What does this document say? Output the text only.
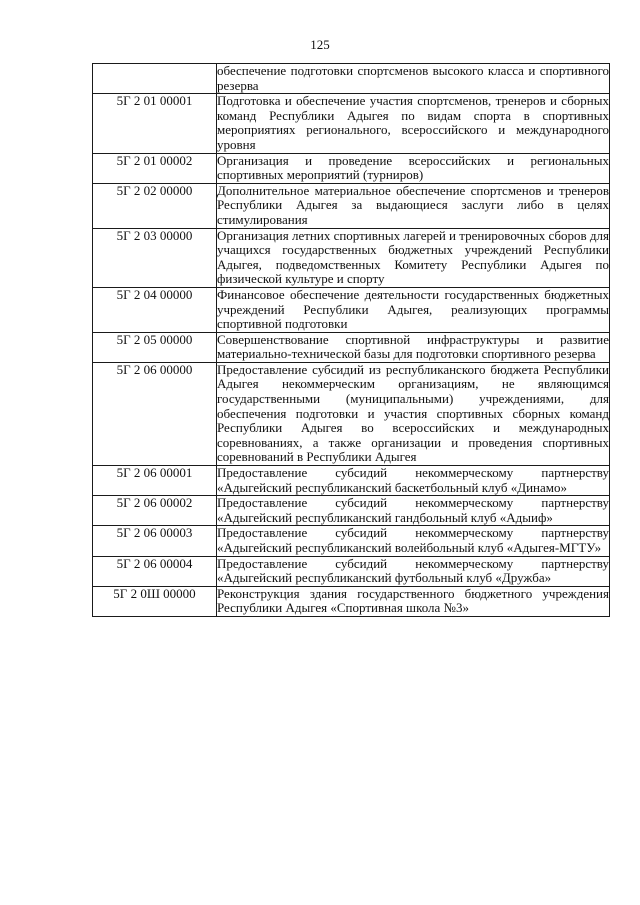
125
	обеспечение подготовки спортсменов высокого класса и спортивного резерва
5Г 2 01 00001	Подготовка и обеспечение участия спортсменов, тренеров и сборных команд Республики Адыгея по видам спорта в спортивных мероприятиях регионального, всероссийского и международного уровня
5Г 2 01 00002	Организация и проведение всероссийских и региональных спортивных мероприятий (турниров)
5Г 2 02 00000	Дополнительное материальное обеспечение спортсменов и тренеров Республики Адыгея за выдающиеся заслуги либо в целях стимулирования
5Г 2 03 00000	Организация летних спортивных лагерей и тренировочных сборов для учащихся государственных бюджетных учреждений Республики Адыгея, подведомственных Комитету Республики Адыгея по физической культуре и спорту
5Г 2 04 00000	Финансовое обеспечение деятельности государственных бюджетных учреждений Республики Адыгея, реализующих программы спортивной подготовки
5Г 2 05 00000	Совершенствование спортивной инфраструктуры и развитие материально-технической базы для подготовки спортивного резерва
5Г 2 06 00000	Предоставление субсидий из республиканского бюджета Республики Адыгея некоммерческим организациям, не являющимся государственными (муниципальными) учреждениями, для обеспечения подготовки и участия спортивных сборных команд Республики Адыгея во всероссийских и международных соревнованиях, а также организации и проведения спортивных соревнований в Республики Адыгея
5Г 2 06 00001	Предоставление субсидий некоммерческому партнерству «Адыгейский республиканский баскетбольный клуб «Динамо»
5Г 2 06 00002	Предоставление субсидий некоммерческому партнерству «Адыгейский республиканский гандбольный клуб «Адыиф»
5Г 2 06 00003	Предоставление субсидий некоммерческому партнерству «Адыгейский республиканский волейбольный клуб «Адыгея-МГТУ»
5Г 2 06 00004	Предоставление субсидий некоммерческому партнерству «Адыгейский республиканский футбольный клуб «Дружба»
5Г 2 0Ш 00000	Реконструкция здания государственного бюджетного учреждения Республики Адыгея «Спортивная школа №3»
